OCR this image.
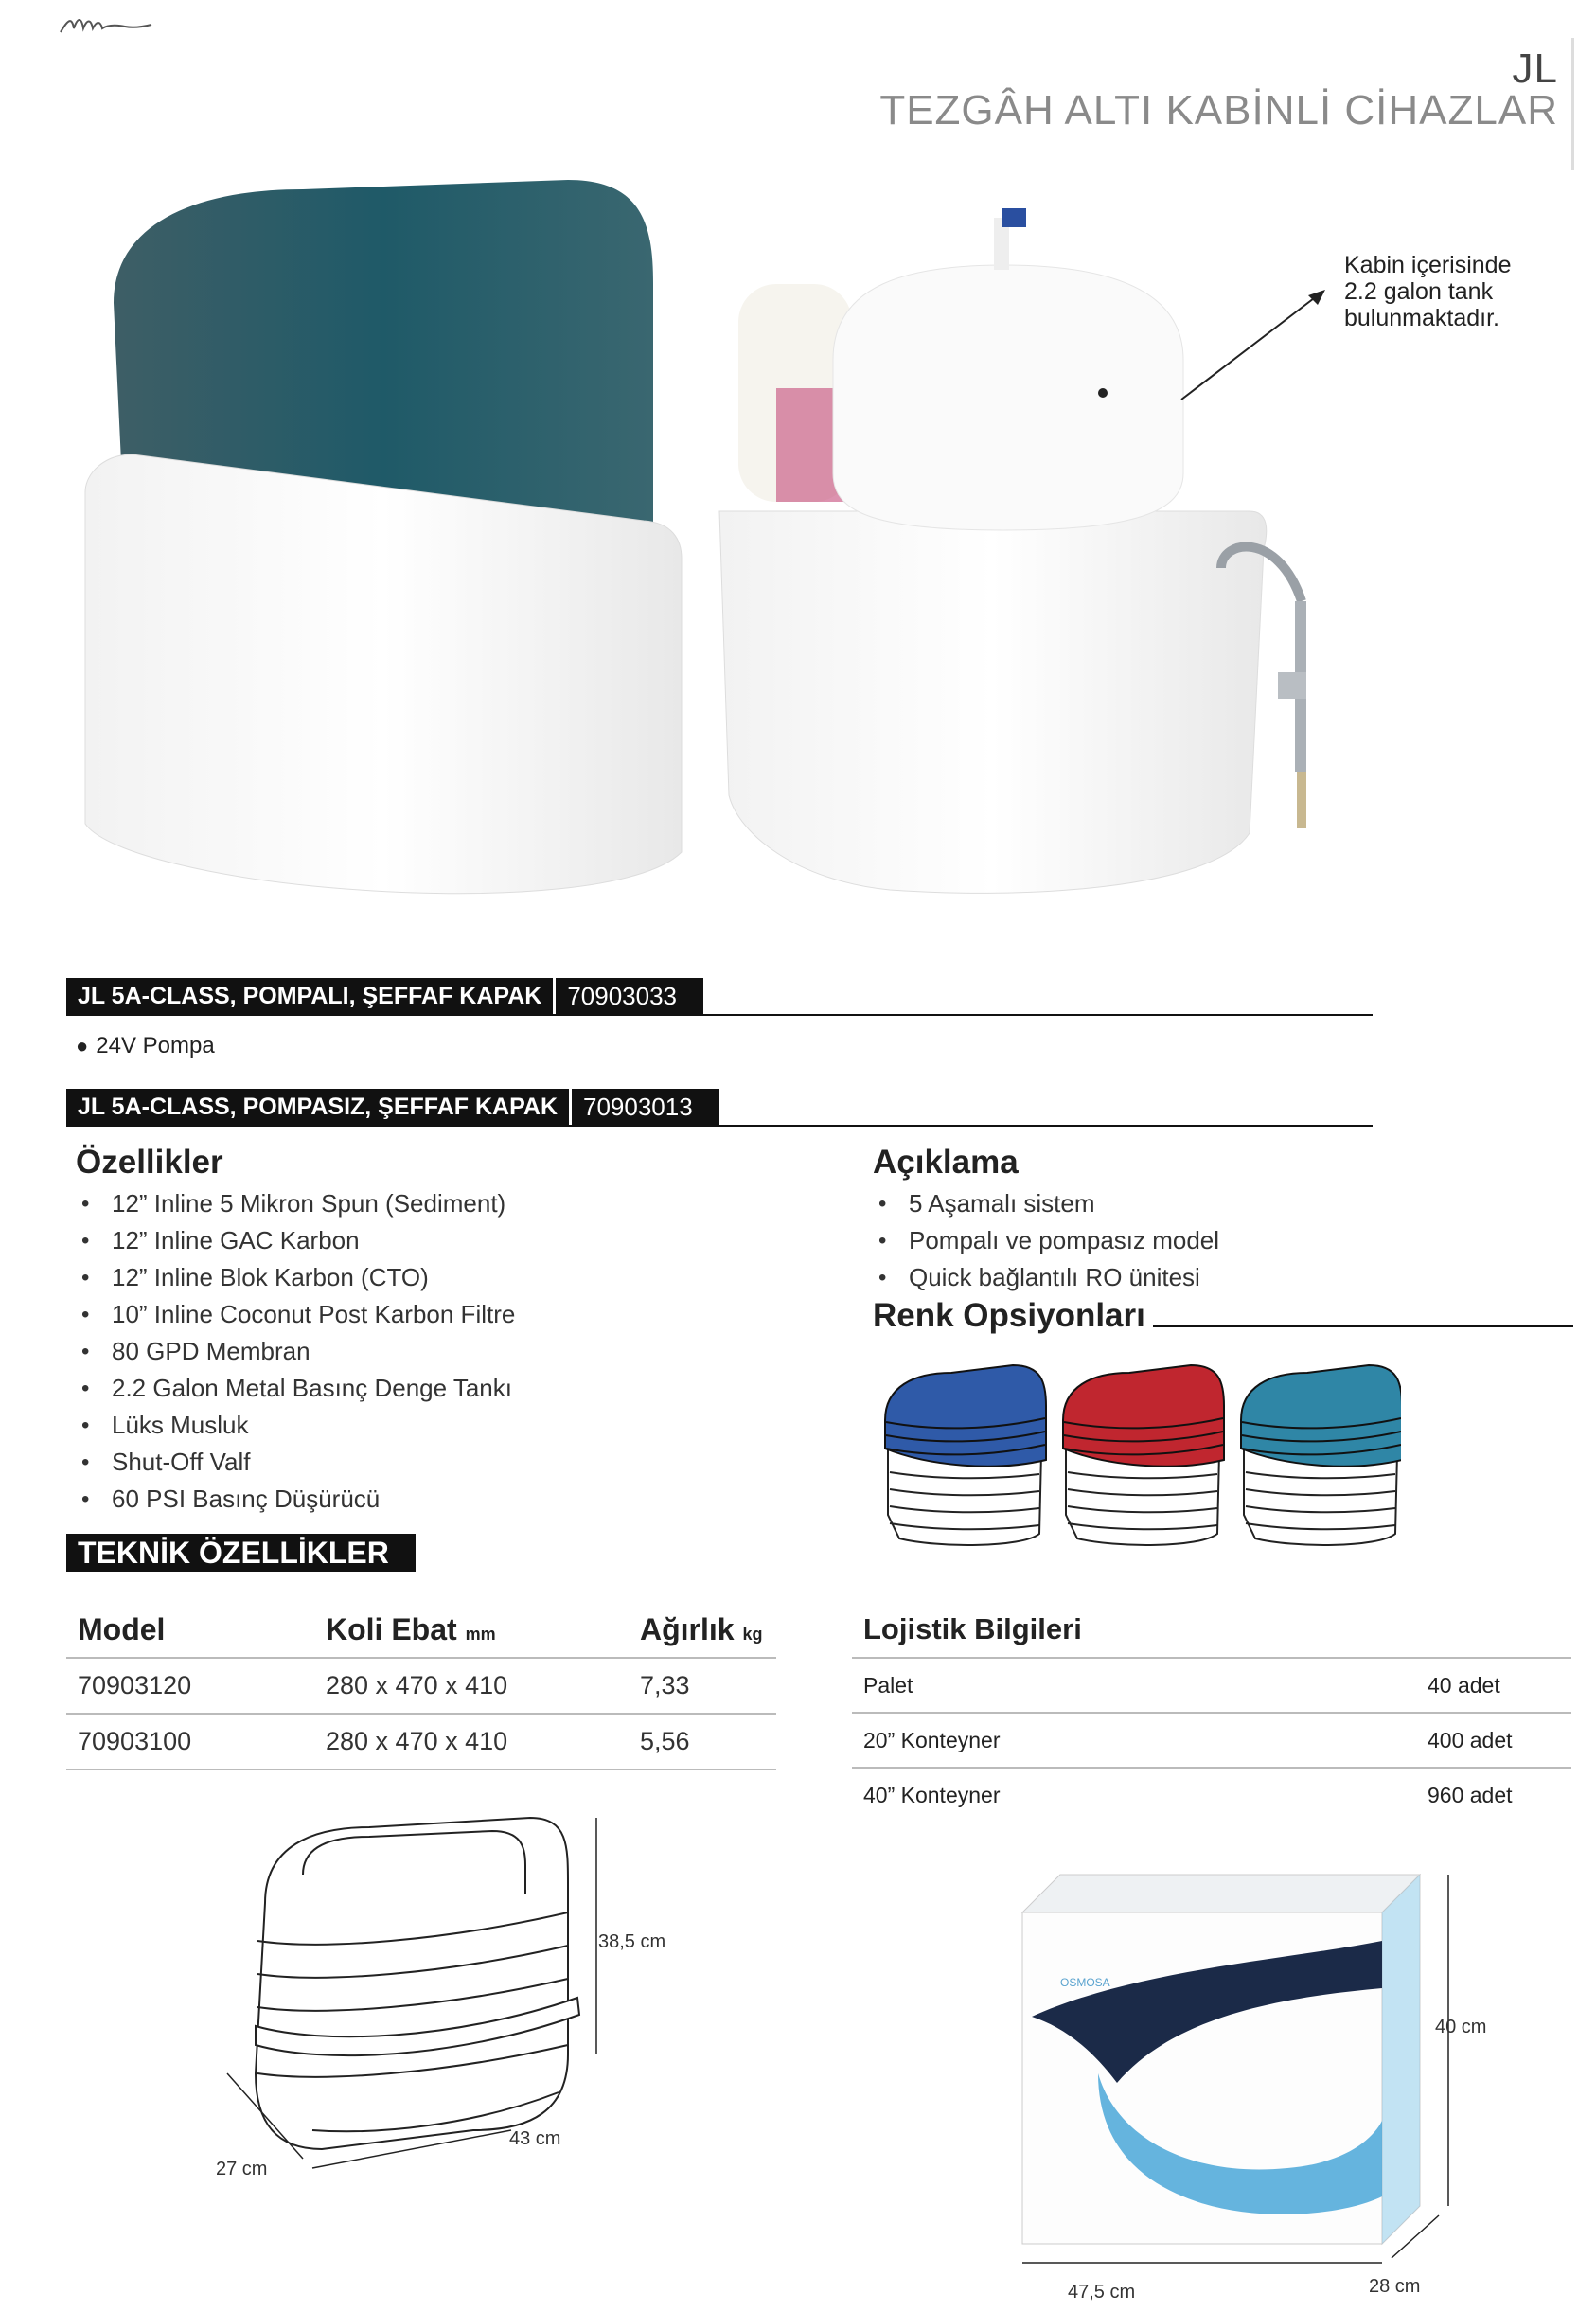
JL
TEZGÂH ALTI KABİNLİ CİHAZLAR
Kabin içerisinde
2.2 galon tank
bulunmaktadır.
JL 5A-CLASS, POMPALI, ŞEFFAF KAPAK	70903033
● 24V Pompa
JL 5A-CLASS, POMPASIZ, ŞEFFAF KAPAK	70903013
Özellikler
• 12” Inline 5 Mikron Spun (Sediment)
• 12” Inline GAC Karbon
• 12” Inline Blok Karbon (CTO)
• 10” Inline Coconut Post Karbon Filtre
• 80 GPD Membran
• 2.2 Galon Metal Basınç Denge Tankı
• Lüks Musluk
• Shut-Off Valf
• 60 PSI Basınç Düşürücü
Açıklama
• 5 Aşamalı sistem
• Pompalı ve pompasız model
• Quick bağlantılı RO ünitesi
Renk Opsiyonları
TEKNİK ÖZELLİKLER
Model	Koli Ebat mm	Ağırlık kg
70903120	280 x 470 x 410	7,33
70903100	280 x 470 x 410	5,56
Lojistik Bilgileri	
Palet	40 adet
20” Konteyner	400 adet
40” Konteyner	960 adet
38,5 cm
43 cm
27 cm
OSMOSA
40 cm
47,5 cm	28 cm
